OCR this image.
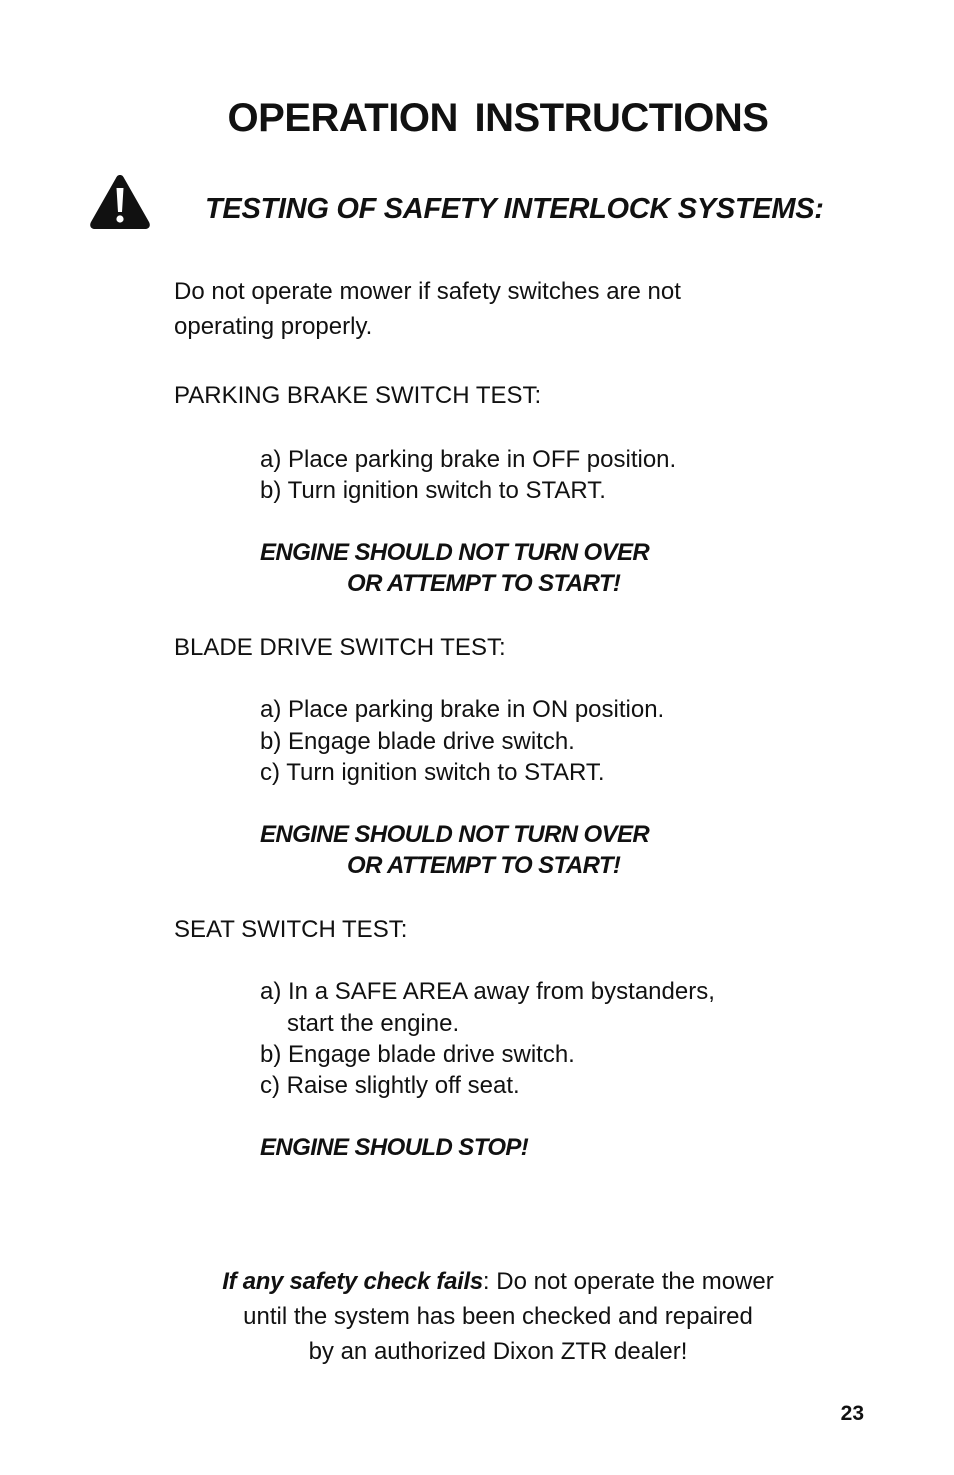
OPERATION INSTRUCTIONS
TESTING OF SAFETY INTERLOCK SYSTEMS:
Do not operate mower if safety switches are not
operating properly.
PARKING BRAKE SWITCH TEST:
a) Place parking brake in OFF position.
b) Turn ignition switch to START.
ENGINE SHOULD NOT TURN OVER
OR ATTEMPT TO START!
BLADE DRIVE SWITCH TEST:
a) Place parking brake in ON position.
b) Engage blade drive switch.
c) Turn ignition switch to START.
ENGINE SHOULD NOT TURN OVER
OR ATTEMPT TO START!
SEAT SWITCH TEST:
a) In a SAFE AREA away from bystanders,
start the engine.
b) Engage blade drive switch.
c) Raise slightly off seat.
ENGINE SHOULD STOP!
If any safety check fails: Do not operate the mower
until the system has been checked and repaired
by an authorized Dixon ZTR dealer!
23
